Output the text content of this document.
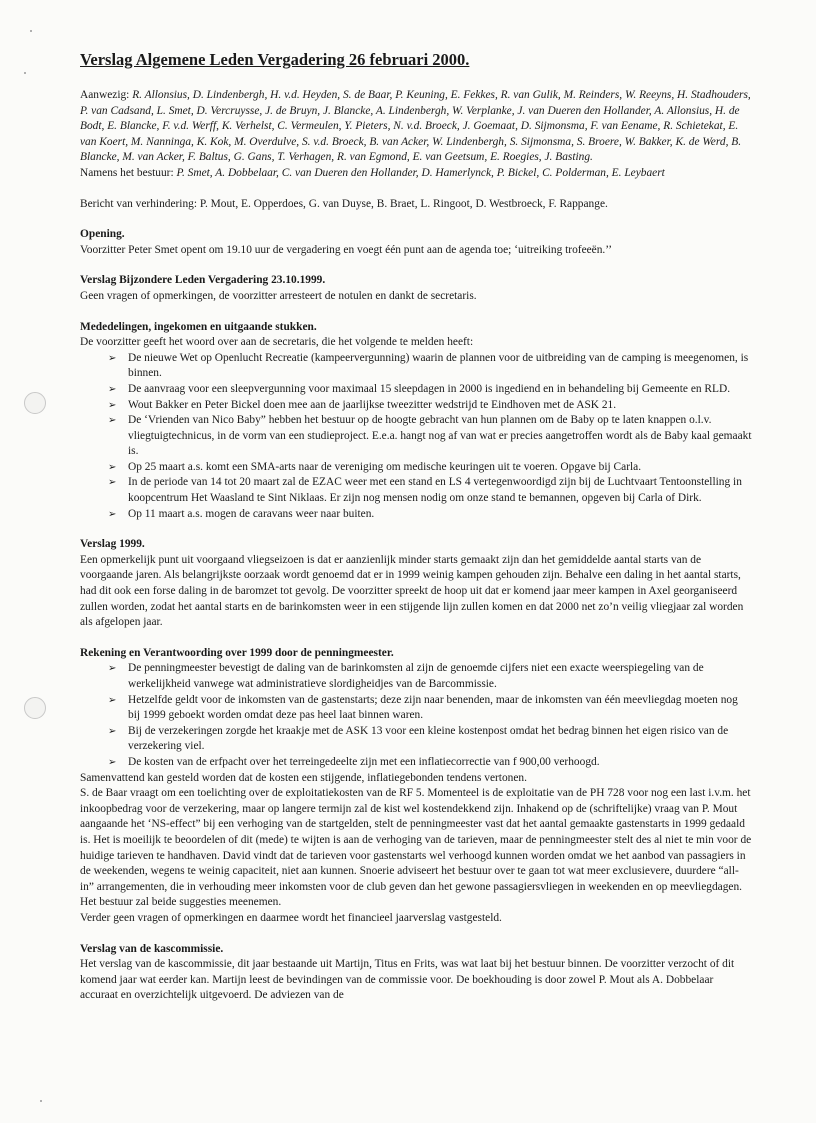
Verslag Algemene Leden Vergadering 26 februari 2000.

Aanwezig: R. Allonsius, D. Lindenbergh, H. v.d. Heyden, S. de Baar, P. Keuning, E. Fekkes, R. van Gulik, M. Reinders, W. Reeyns, H. Stadhouders, P. van Cadsand, L. Smet, D. Vercruysse, J. de Bruyn, J. Blancke, A. Lindenbergh, W. Verplanke, J. van Dueren den Hollander, A. Allonsius, H. de Bodt, E. Blancke, F. v.d. Werff, K. Verhelst, C. Vermeulen, Y. Pieters, N. v.d. Broeck, J. Goemaat, D. Sijmonsma, F. van Eename, R. Schietekat, E. van Koert, M. Nanninga, K. Kok, M. Overdulve, S. v.d. Broeck, B. van Acker, W. Lindenbergh, S. Sijmonsma, S. Broere, W. Bakker, K. de Werd, B. Blancke, M. van Acker, F. Baltus, G. Gans, T. Verhagen, R. van Egmond, E. van Geetsum, E. Roegies, J. Basting.

Namens het bestuur: P. Smet, A. Dobbelaar, C. van Dueren den Hollander, D. Hamerlynck, P. Bickel, C. Polderman, E. Leybaert

Bericht van verhindering: P. Mout, E. Opperdoes, G. van Duyse, B. Braet, L. Ringoot, D. Westbroeck, F. Rappange.

Opening.

Voorzitter Peter Smet opent om 19.10 uur de vergadering en voegt één punt aan de agenda toe; ‘uitreiking trofeeën.’’

Verslag Bijzondere Leden Vergadering 23.10.1999.

Geen vragen of opmerkingen, de voorzitter arresteert de notulen en dankt de secretaris.

Mededelingen, ingekomen en uitgaande stukken.

De voorzitter geeft het woord over aan de secretaris, die het volgende te melden heeft:

➢ De nieuwe Wet op Openlucht Recreatie (kampeervergunning) waarin de plannen voor de uitbreiding van de camping is meegenomen, is binnen.
➢ De aanvraag voor een sleepvergunning voor maximaal 15 sleepdagen in 2000 is ingediend en in behandeling bij Gemeente en RLD.
➢ Wout Bakker en Peter Bickel doen mee aan de jaarlijkse tweezitter wedstrijd te Eindhoven met de ASK 21.
➢ De ‘Vrienden van Nico Baby” hebben het bestuur op de hoogte gebracht van hun plannen om de Baby op te laten knappen o.l.v. vliegtuigtechnicus, in de vorm van een studieproject. E.e.a. hangt nog af van wat er precies aangetroffen wordt als de Baby kaal gemaakt is.
➢ Op 25 maart a.s. komt een SMA-arts naar de vereniging om medische keuringen uit te voeren. Opgave bij Carla.
➢ In de periode van 14 tot 20 maart zal de EZAC weer met een stand en LS 4 vertegenwoordigd zijn bij de Luchtvaart Tentoonstelling in koopcentrum Het Waasland te Sint Niklaas. Er zijn nog mensen nodig om onze stand te bemannen, opgeven bij Carla of Dirk.
➢ Op 11 maart a.s. mogen de caravans weer naar buiten.

Verslag 1999.

Een opmerkelijk punt uit voorgaand vliegseizoen is dat er aanzienlijk minder starts gemaakt zijn dan het gemiddelde aantal starts van de voorgaande jaren. Als belangrijkste oorzaak wordt genoemd dat er in 1999 weinig kampen gehouden zijn. Behalve een daling in het aantal starts, had dit ook een forse daling in de baromzet tot gevolg. De voorzitter spreekt de hoop uit dat er komend jaar meer kampen in Axel georganiseerd zullen worden, zodat het aantal starts en de barinkomsten weer in een stijgende lijn zullen komen en dat 2000 net zo’n veilig vliegjaar zal worden als afgelopen jaar.

Rekening en Verantwoording over 1999 door de penningmeester.

➢ De penningmeester bevestigt de daling van de barinkomsten al zijn de genoemde cijfers niet een exacte weerspiegeling van de werkelijkheid vanwege wat administratieve slordigheidjes van de Barcommissie.
➢ Hetzelfde geldt voor de inkomsten van de gastenstarts; deze zijn naar benenden, maar de inkomsten van één meevliegdag moeten nog bij 1999 geboekt worden omdat deze pas heel laat binnen waren.
➢ Bij de verzekeringen zorgde het kraakje met de ASK 13 voor een kleine kostenpost omdat het bedrag binnen het eigen risico van de verzekering viel.
➢ De kosten van de erfpacht over het terreingedeelte zijn met een inflatiecorrectie van f 900,00 verhoogd.

Samenvattend kan gesteld worden dat de kosten een stijgende, inflatiegebonden tendens vertonen.

S. de Baar vraagt om een toelichting over de exploitatiekosten van de RF 5. Momenteel is de exploitatie van de PH 728 voor nog een last i.v.m. het inkoopbedrag voor de verzekering, maar op langere termijn zal de kist wel kostendekkend zijn. Inhakend op de (schriftelijke) vraag van P. Mout aangaande het ‘NS-effect” bij een verhoging van de startgelden, stelt de penningmeester vast dat het aantal gemaakte gastenstarts in 1999 gedaald is. Het is moeilijk te beoordelen of dit (mede) te wijten is aan de verhoging van de tarieven, maar de penningmeester stelt des al niet te min voor de huidige tarieven te handhaven. David vindt dat de tarieven voor gastenstarts wel verhoogd kunnen worden omdat we het aanbod van passagiers in de weekenden, wegens te weinig capaciteit, niet aan kunnen. Snoerie adviseert het bestuur over te gaan tot wat meer exclusievere, duurdere “all-in” arrangementen, die in verhouding meer inkomsten voor de club geven dan het gewone passagiersvliegen in weekenden en op meevliegdagen. Het bestuur zal beide suggesties meenemen.

Verder geen vragen of opmerkingen en daarmee wordt het financieel jaarverslag vastgesteld.

Verslag van de kascommissie.

Het verslag van de kascommissie, dit jaar bestaande uit Martijn, Titus en Frits, was wat laat bij het bestuur binnen. De voorzitter verzocht of dit komend jaar wat eerder kan. Martijn leest de bevindingen van de commissie voor. De boekhouding is door zowel P. Mout als A. Dobbelaar accuraat en overzichtelijk uitgevoerd. De adviezen van de
